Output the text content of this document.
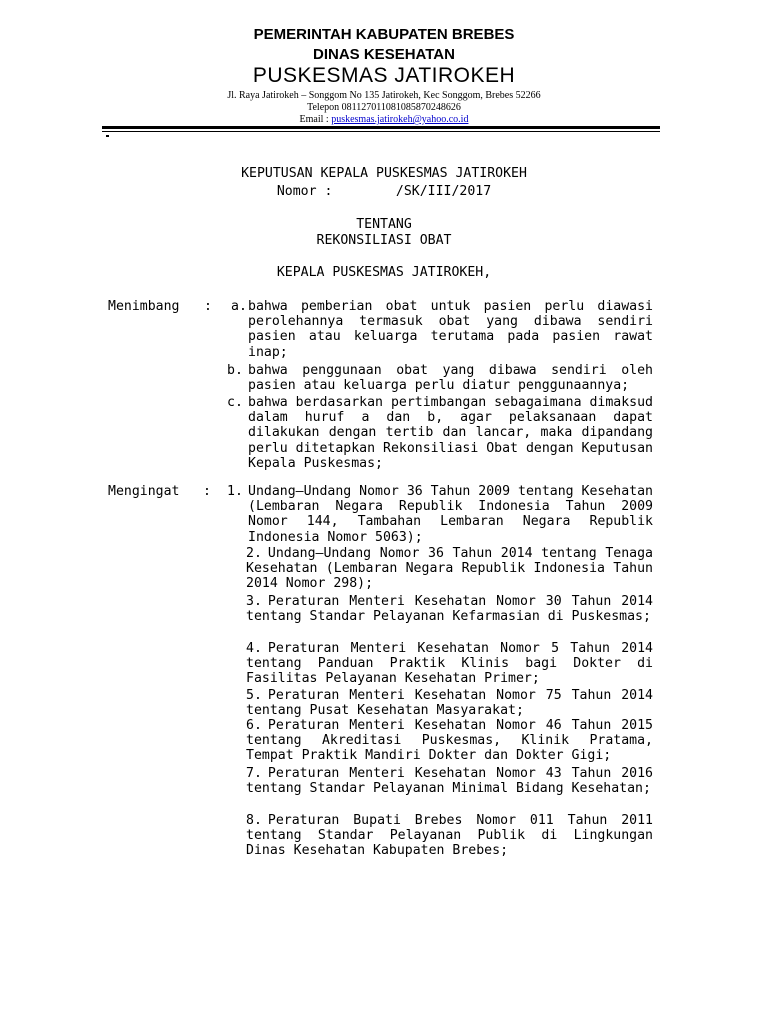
PEMERINTAH KABUPATEN BREBES
DINAS KESEHATAN
PUSKESMAS JATIROKEH
Jl. Raya Jatirokeh – Songgom No 135 Jatirokeh, Kec Songgom, Brebes 52266
Telepon 081127011081085870248626
Email : puskesmas.jatirokeh@yahoo.co.id
KEPUTUSAN KEPALA PUSKESMAS JATIROKEH
Nomor :        /SK/III/2017
TENTANG
REKONSILIASI OBAT
KEPALA PUSKESMAS JATIROKEH,
Menimbang : a. bahwa pemberian obat untuk pasien perlu diawasi perolehannya termasuk obat yang dibawa sendiri pasien atau keluarga terutama pada pasien rawat inap;
b. bahwa penggunaan obat yang dibawa sendiri oleh pasien atau keluarga perlu diatur penggunaannya;
c. bahwa berdasarkan pertimbangan sebagaimana dimaksud dalam huruf a dan b, agar pelaksanaan dapat dilakukan dengan tertib dan lancar, maka dipandang perlu ditetapkan Rekonsiliasi Obat dengan Keputusan Kepala Puskesmas;
Mengingat : 1. Undang–Undang Nomor 36 Tahun 2009 tentang Kesehatan (Lembaran Negara Republik Indonesia Tahun 2009 Nomor 144, Tambahan Lembaran Negara Republik Indonesia Nomor 5063);
2. Undang–Undang Nomor 36 Tahun 2014 tentang Tenaga Kesehatan (Lembaran Negara Republik Indonesia Tahun 2014 Nomor 298);
3. Peraturan Menteri Kesehatan Nomor 30 Tahun 2014 tentang Standar Pelayanan Kefarmasian di Puskesmas;
4. Peraturan Menteri Kesehatan Nomor 5 Tahun 2014 tentang Panduan Praktik Klinis bagi Dokter di Fasilitas Pelayanan Kesehatan Primer;
5. Peraturan Menteri Kesehatan Nomor 75 Tahun 2014 tentang Pusat Kesehatan Masyarakat;
6. Peraturan Menteri Kesehatan Nomor 46 Tahun 2015 tentang Akreditasi Puskesmas, Klinik Pratama, Tempat Praktik Mandiri Dokter dan Dokter Gigi;
7. Peraturan Menteri Kesehatan Nomor 43 Tahun 2016 tentang Standar Pelayanan Minimal Bidang Kesehatan;
8. Peraturan Bupati Brebes Nomor 011 Tahun 2011 tentang Standar Pelayanan Publik di Lingkungan Dinas Kesehatan Kabupaten Brebes;
